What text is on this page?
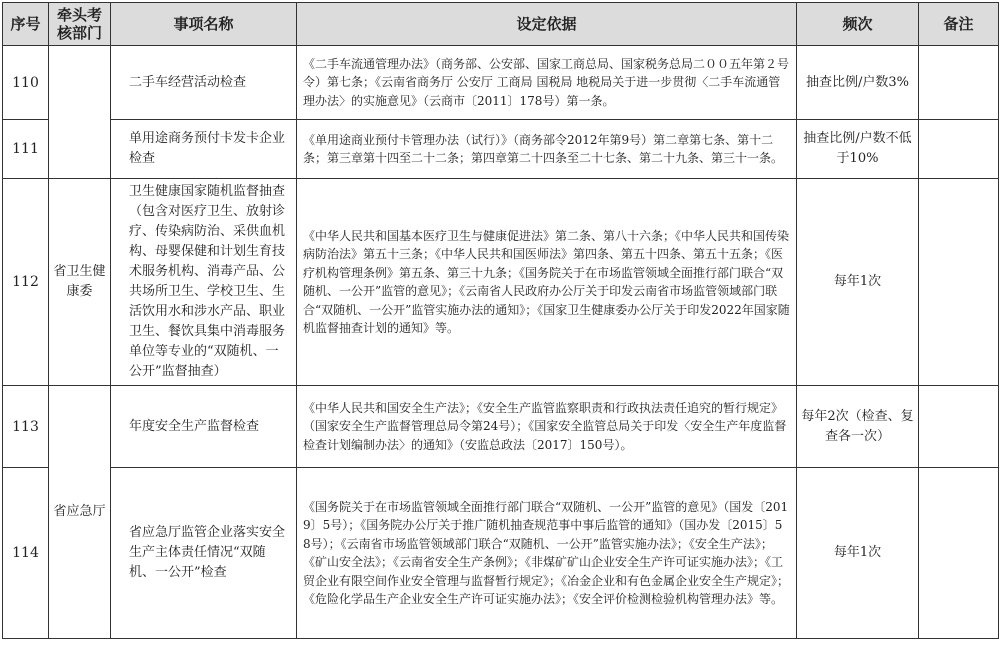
序号	牵头考核部门	事项名称	设定依据	频次	备注
110		二手车经营活动检查	《二手车流通管理办法》（商务部、公安部、国家工商总局、国家税务总局二００五年第２号令）第七条；《云南省商务厅 公安厅 工商局 国税局 地税局关于进一步贯彻〈二手车流通管理办法〉的实施意见》（云商市〔2011〕178号）第一条。	抽查比例/户数3%	
111		单用途商务预付卡发卡企业检查	《单用途商业预付卡管理办法（试行）》（商务部令2012年第9号）第二章第七条、第十二条；第三章第十四至二十二条；第四章第二十四条至二十七条、第二十九条、第三十一条。	抽查比例/户数不低于10%	
112	省卫生健康委	卫生健康国家随机监督抽查（包含对医疗卫生、放射诊疗、传染病防治、采供血机构、母婴保健和计划生育技术服务机构、消毒产品、公共场所卫生、学校卫生、生活饮用水和涉水产品、职业卫生、餐饮具集中消毒服务单位等专业的“双随机、一公开”监督抽查）	《中华人民共和国基本医疗卫生与健康促进法》第二条、第八十六条；《中华人民共和国传染病防治法》第五十三条；《中华人民共和国医师法》第四条、第五十四条、第五十五条；《医疗机构管理条例》第五条、第三十九条；《国务院关于在市场监管领域全面推行部门联合“双随机、一公开”监管的意见》；《云南省人民政府办公厅关于印发云南省市场监管领域部门联合“双随机、一公开”监管实施办法的通知》；《国家卫生健康委办公厅关于印发2022年国家随机监督抽查计划的通知》等。	每年1次	
113	省应急厅	年度安全生产监督检查	《中华人民共和国安全生产法》；《安全生产监管监察职责和行政执法责任追究的暂行规定》（国家安全生产监督管理总局令第24号）；《国家安全监管总局关于印发〈安全生产年度监督检查计划编制办法〉的通知》（安监总政法〔2017〕150号）。	每年2次（检查、复查各一次）	
114		省应急厅监管企业落实安全生产主体责任情况“双随机、一公开”检查	《国务院关于在市场监管领域全面推行部门联合“双随机、一公开”监管的意见》（国发〔2019〕5号）；《国务院办公厅关于推广随机抽查规范事中事后监管的通知》（国办发〔2015〕58号）；《云南省市场监管领域部门联合“双随机、一公开”监管实施办法》；《安全生产法》；《矿山安全法》；《云南省安全生产条例》；《非煤矿矿山企业安全生产许可证实施办法》；《工贸企业有限空间作业安全管理与监督暂行规定》；《冶金企业和有色金属企业安全生产规定》；《危险化学品生产企业安全生产许可证实施办法》；《安全评价检测检验机构管理办法》等。	每年1次	
